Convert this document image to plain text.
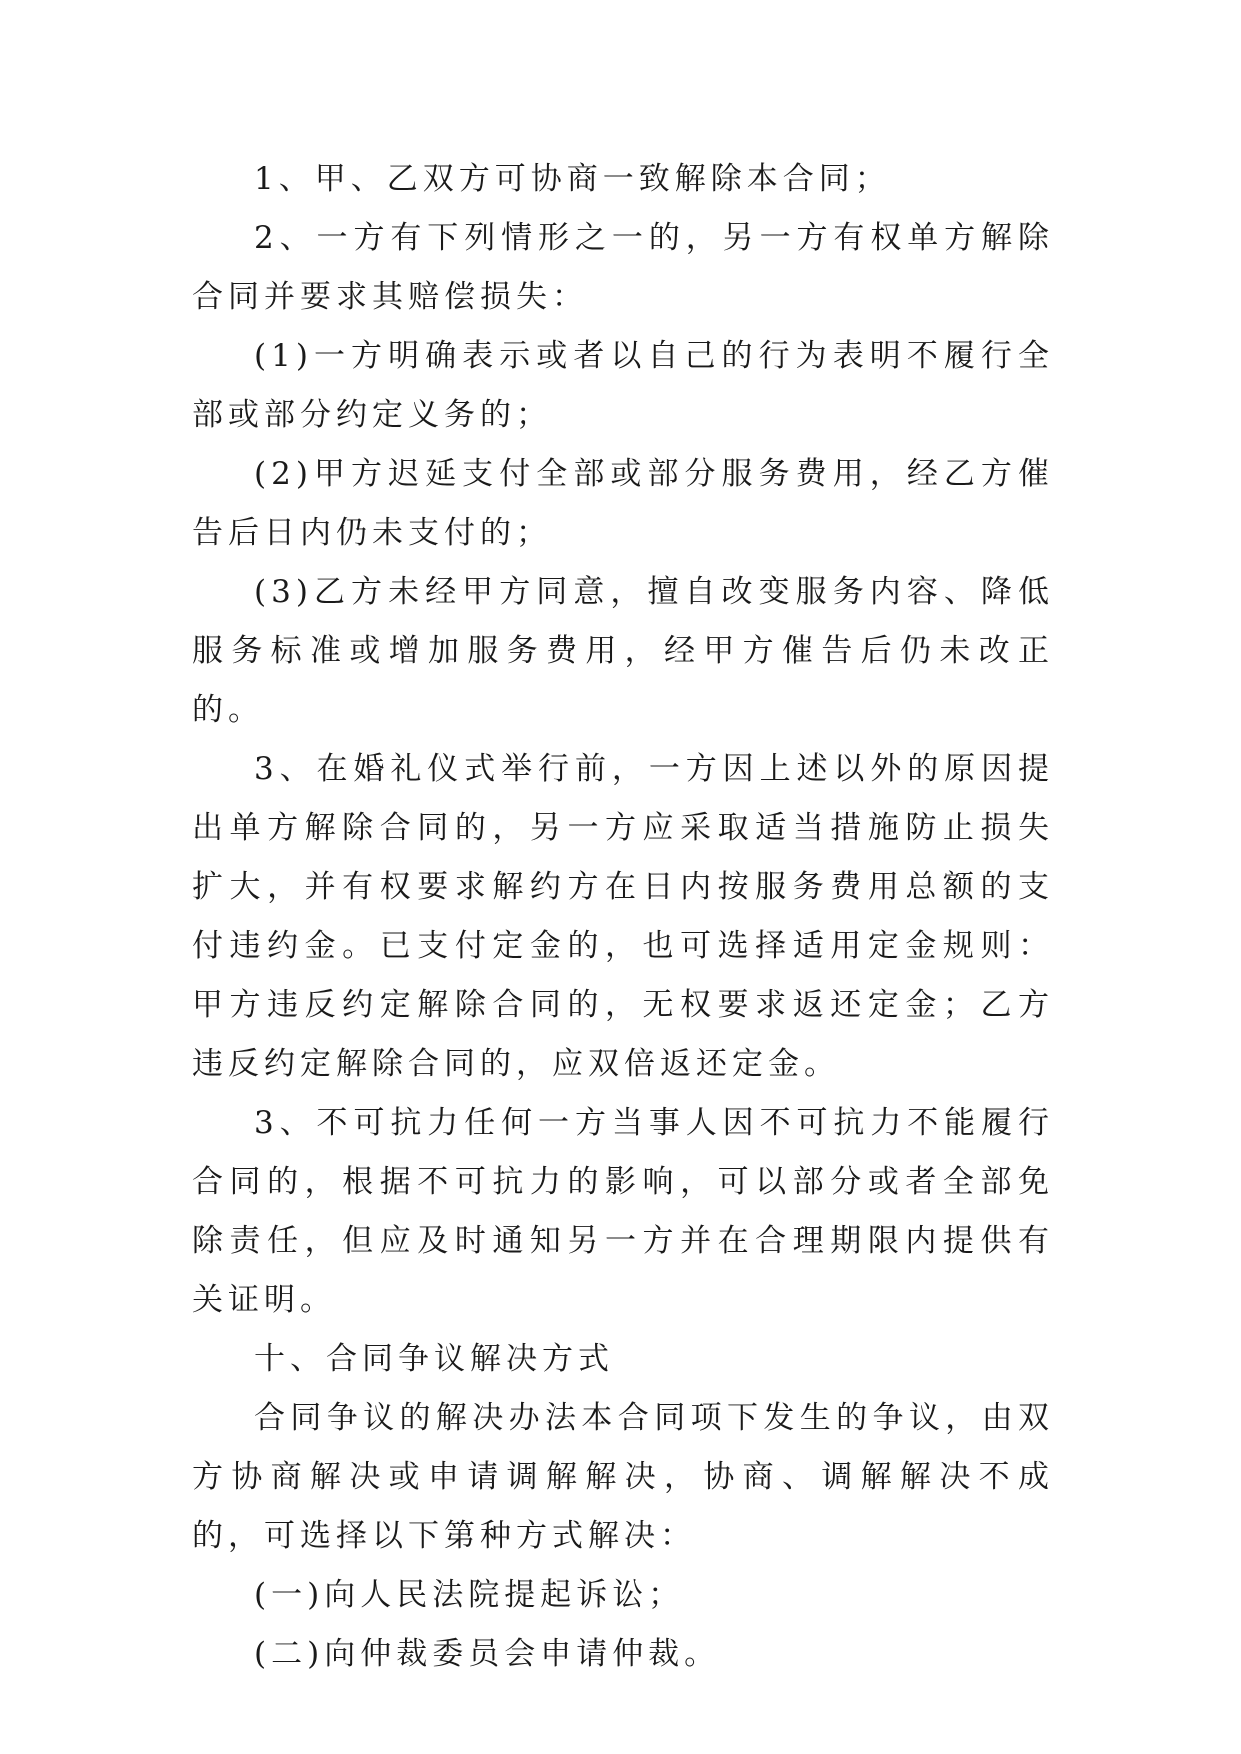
1、甲、乙双方可协商一致解除本合同；

2、一方有下列情形之一的，另一方有权单方解除合同并要求其赔偿损失：

(1)一方明确表示或者以自己的行为表明不履行全部或部分约定义务的；

(2)甲方迟延支付全部或部分服务费用，经乙方催告后日内仍未支付的；

(3)乙方未经甲方同意，擅自改变服务内容、降低服务标准或增加服务费用，经甲方催告后仍未改正的。

3、在婚礼仪式举行前，一方因上述以外的原因提出单方解除合同的，另一方应采取适当措施防止损失扩大，并有权要求解约方在日内按服务费用总额的支付违约金。已支付定金的，也可选择适用定金规则：甲方违反约定解除合同的，无权要求返还定金；乙方违反约定解除合同的，应双倍返还定金。

3、不可抗力任何一方当事人因不可抗力不能履行合同的，根据不可抗力的影响，可以部分或者全部免除责任，但应及时通知另一方并在合理期限内提供有关证明。

十、合同争议解决方式

合同争议的解决办法本合同项下发生的争议，由双方协商解决或申请调解解决，协商、调解解决不成的，可选择以下第种方式解决：

(一)向人民法院提起诉讼；

(二)向仲裁委员会申请仲裁。
